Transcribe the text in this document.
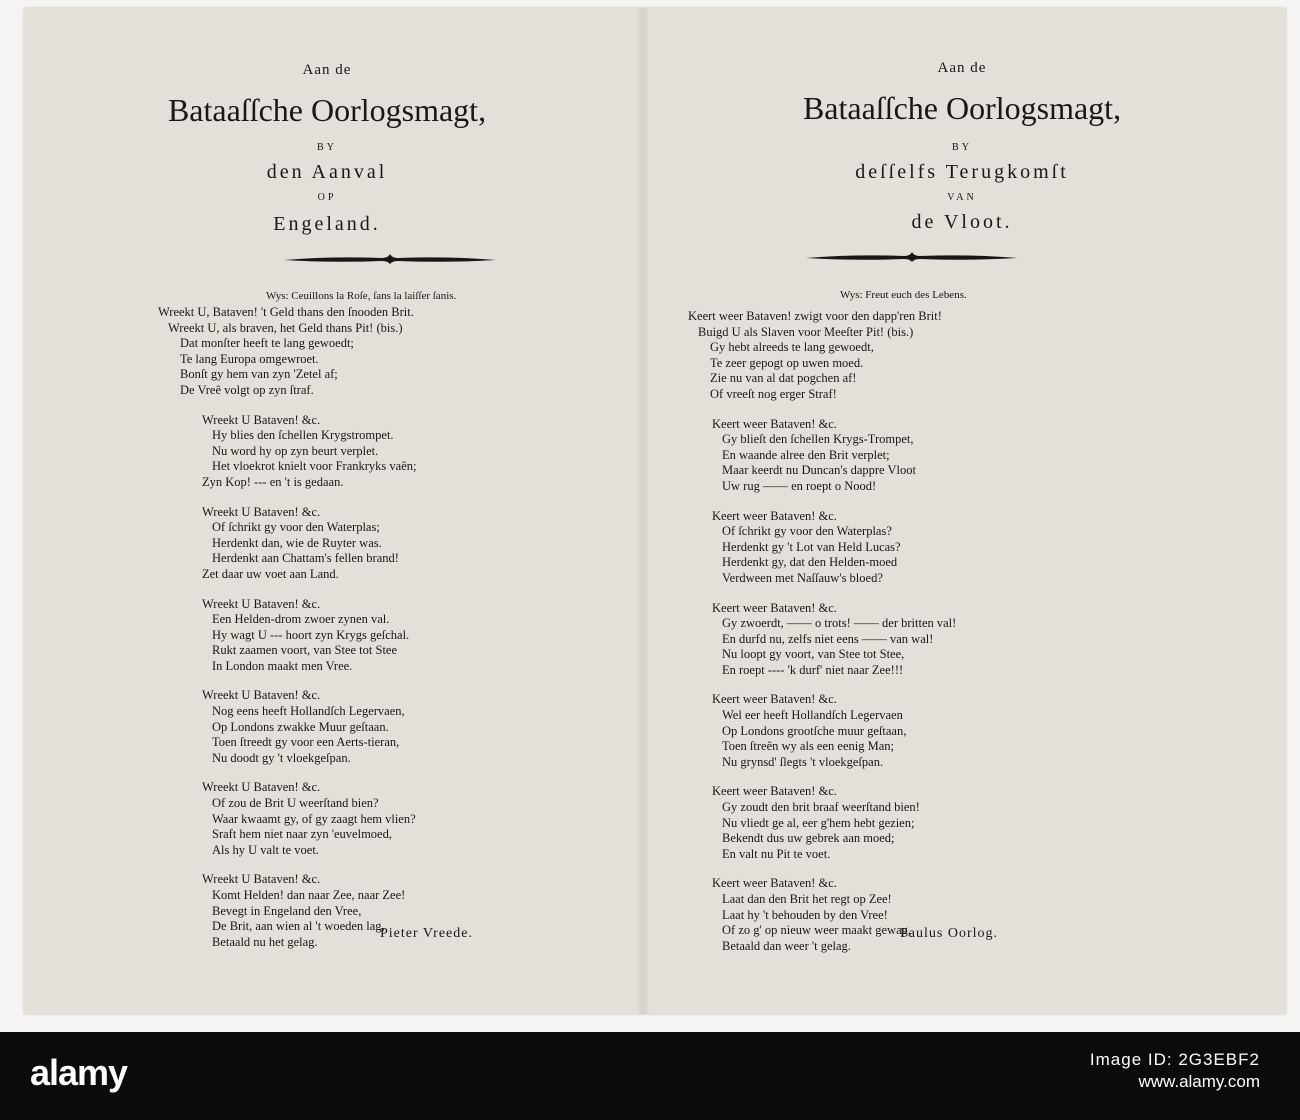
Aan de
Bataaſſche Oorlogsmagt,
BY
den Aanval
OP
Engeland.
Wys: Ceuillons la Roſe, ſans la laiſſer ſanis.
Wreekt U, Bataven! 't Geld thans den ſnooden Brit.
Wreekt U, als braven, het Geld thans Pit! (bis.)
Dat monſter heeft te lang gewoedt;
Te lang Europa omgewroet.
Bonſt gy hem van zyn 'Zetel af;
De Vreê volgt op zyn ſtraf.
Wreekt U Bataven! &c.
Hy blies den ſchellen Krygstrompet.
Nu word hy op zyn beurt verplet.
Het vloekrot knielt voor Frankryks vaên;
Zyn Kop! --- en 't is gedaan.
Wreekt U Bataven! &c.
Of ſchrikt gy voor den Waterplas;
Herdenkt dan, wie de Ruyter was.
Herdenkt aan Chattam's fellen brand!
Zet daar uw voet aan Land.
Wreekt U Bataven! &c.
Een Helden-drom zwoer zynen val.
Hy wagt U --- hoort zyn Krygs geſchal.
Rukt zaamen voort, van Stee tot Stee
In London maakt men Vree.
Wreekt U Bataven! &c.
Nog eens heeft Hollandſch Legervaen,
Op Londons zwakke Muur geſtaan.
Toen ſtreedt gy voor een Aerts-tieran,
Nu doodt gy 't vloekgeſpan.
Wreekt U Bataven! &c.
Of zou de Brit U weerſtand bien?
Waar kwaamt gy, of gy zaagt hem vlien?
Sraft hem niet naar zyn 'euvelmoed,
Als hy U valt te voet.
Wreekt U Bataven! &c.
Komt Helden! dan naar Zee, naar Zee!
Bevegt in Engeland den Vree,
De Brit, aan wien al 't woeden lag,
Betaald nu het gelag.
Pieter Vreede.
Aan de
Bataaſſche Oorlogsmagt,
BY
deſſelfs Terugkomſt
VAN
de Vloot.
Wys: Freut euch des Lebens.
Keert weer Bataven! zwigt voor den dapp'ren Brit!
Buigd U als Slaven voor Meeſter Pit! (bis.)
Gy hebt alreeds te lang gewoedt,
Te zeer gepogt op uwen moed.
Zie nu van al dat pogchen af!
Of vreeſt nog erger Straf!
Keert weer Bataven! &c.
Gy blieſt den ſchellen Krygs-Trompet,
En waande alree den Brit verplet;
Maar keerdt nu Duncan's dappre Vloot
Uw rug —— en roept o Nood!
Keert weer Bataven! &c.
Of ſchrikt gy voor den Waterplas?
Herdenkt gy 't Lot van Held Lucas?
Herdenkt gy, dat den Helden-moed
Verdween met Naſſauw's bloed?
Keert weer Bataven! &c.
Gy zwoerdt, —— o trots! —— der britten val!
En durfd nu, zelfs niet eens —— van wal!
Nu loopt gy voort, van Stee tot Stee,
En roept ---- 'k durf' niet naar Zee!!!
Keert weer Bataven! &c.
Wel eer heeft Hollandſch Legervaen
Op Londons grootſche muur geſtaan,
Toen ſtreên wy als een eenig Man;
Nu grynsd' ſlegts 't vloekgeſpan.
Keert weer Bataven! &c.
Gy zoudt den brit braaf weerſtand bien!
Nu vliedt ge al, eer g'hem hebt gezien;
Bekendt dus uw gebrek aan moed;
En valt nu Pit te voet.
Keert weer Bataven! &c.
Laat dan den Brit het regt op Zee!
Laat hy 't behouden by den Vree!
Of zo g' op nieuw weer maakt gewag,
Betaald dan weer 't gelag.
Paulus Oorlog.
alamy	Image ID: 2G3EBF2
www.alamy.com
